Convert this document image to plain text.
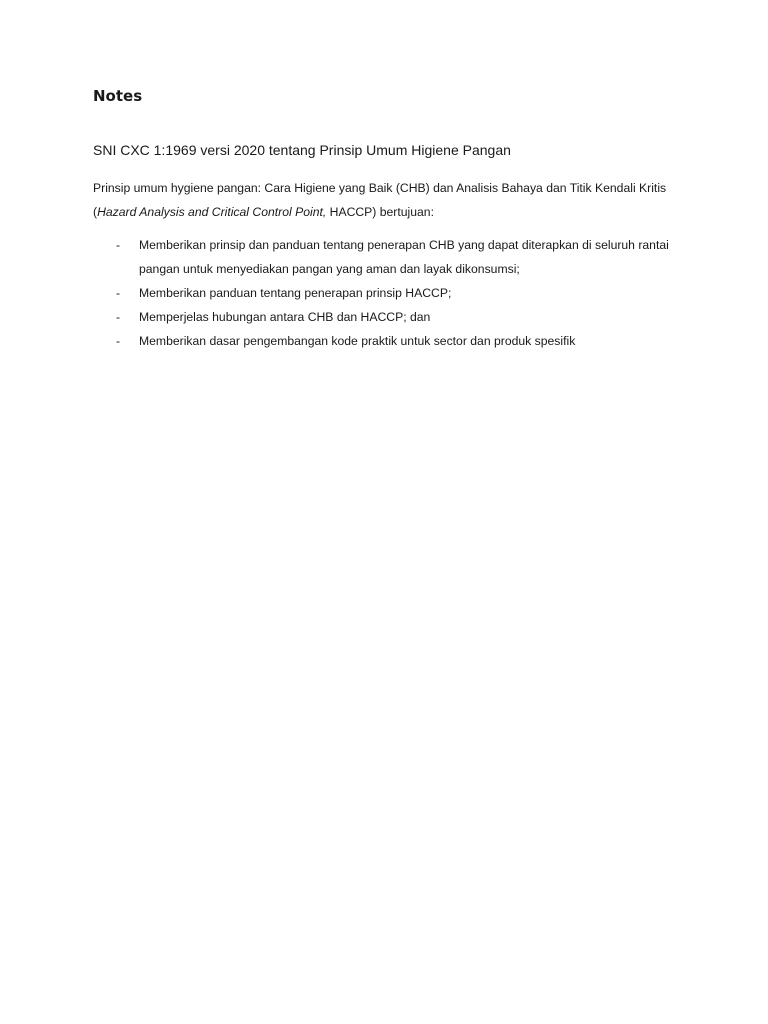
Notes

SNI CXC 1:1969 versi 2020 tentang Prinsip Umum Higiene Pangan

Prinsip umum hygiene pangan: Cara Higiene yang Baik (CHB) dan Analisis Bahaya dan Titik Kendali Kritis (Hazard Analysis and Critical Control Point, HACCP) bertujuan:

- Memberikan prinsip dan panduan tentang penerapan CHB yang dapat diterapkan di seluruh rantai pangan untuk menyediakan pangan yang aman dan layak dikonsumsi;
- Memberikan panduan tentang penerapan prinsip HACCP;
- Memperjelas hubungan antara CHB dan HACCP; dan
- Memberikan dasar pengembangan kode praktik untuk sector dan produk spesifik
